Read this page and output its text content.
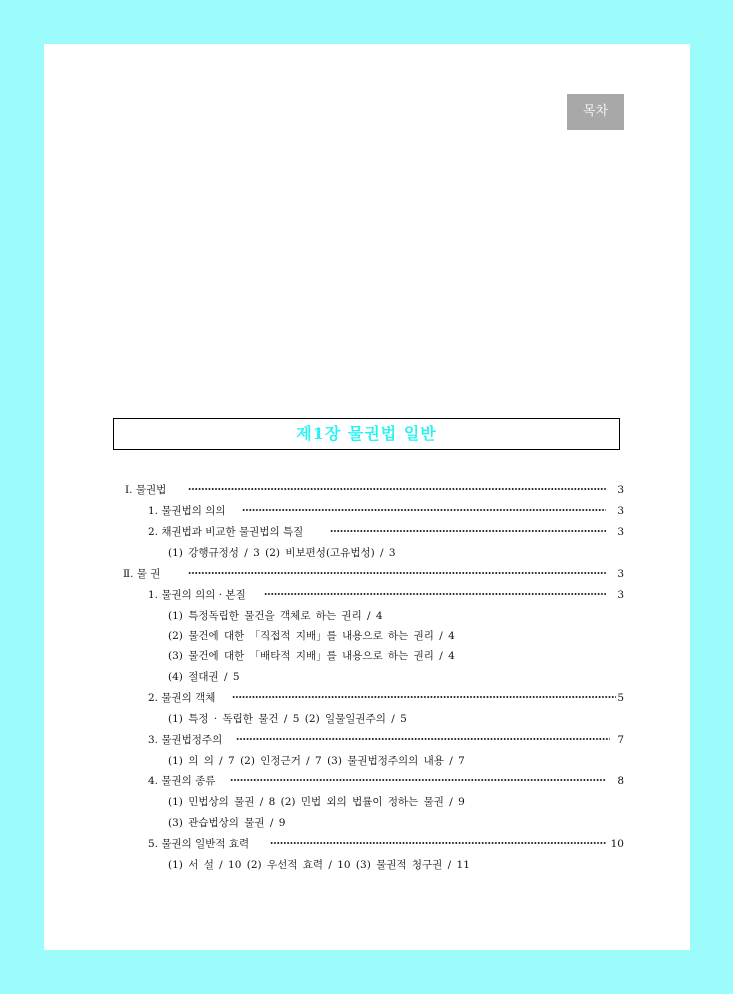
목차
제1장 물권법 일반
Ⅰ. 물권법	3
1. 물권법의 의의	3
2. 채권법과 비교한 물권법의 특질	3
(1) 강행규정성 / 3 (2) 비보편성(고유법성) / 3
Ⅱ. 물 권	3
1. 물권의 의의 · 본질	3
(1) 특정독립한 물건을 객체로 하는 권리 / 4
(2) 물건에 대한 「직접적 지배」를 내용으로 하는 권리 / 4
(3) 물건에 대한 「배타적 지배」를 내용으로 하는 권리 / 4
(4) 절대권 / 5
2. 물권의 객체	5
(1) 특정 · 독립한 물건 / 5 (2) 일물일권주의 / 5
3. 물권법정주의	7
(1) 의 의 / 7 (2) 인정근거 / 7 (3) 물권법정주의의 내용 / 7
4. 물권의 종류	8
(1) 민법상의 물권 / 8 (2) 민법 외의 법률이 정하는 물권 / 9
(3) 관습법상의 물권 / 9
5. 물권의 일반적 효력	10
(1) 서 설 / 10 (2) 우선적 효력 / 10 (3) 물권적 청구권 / 11
